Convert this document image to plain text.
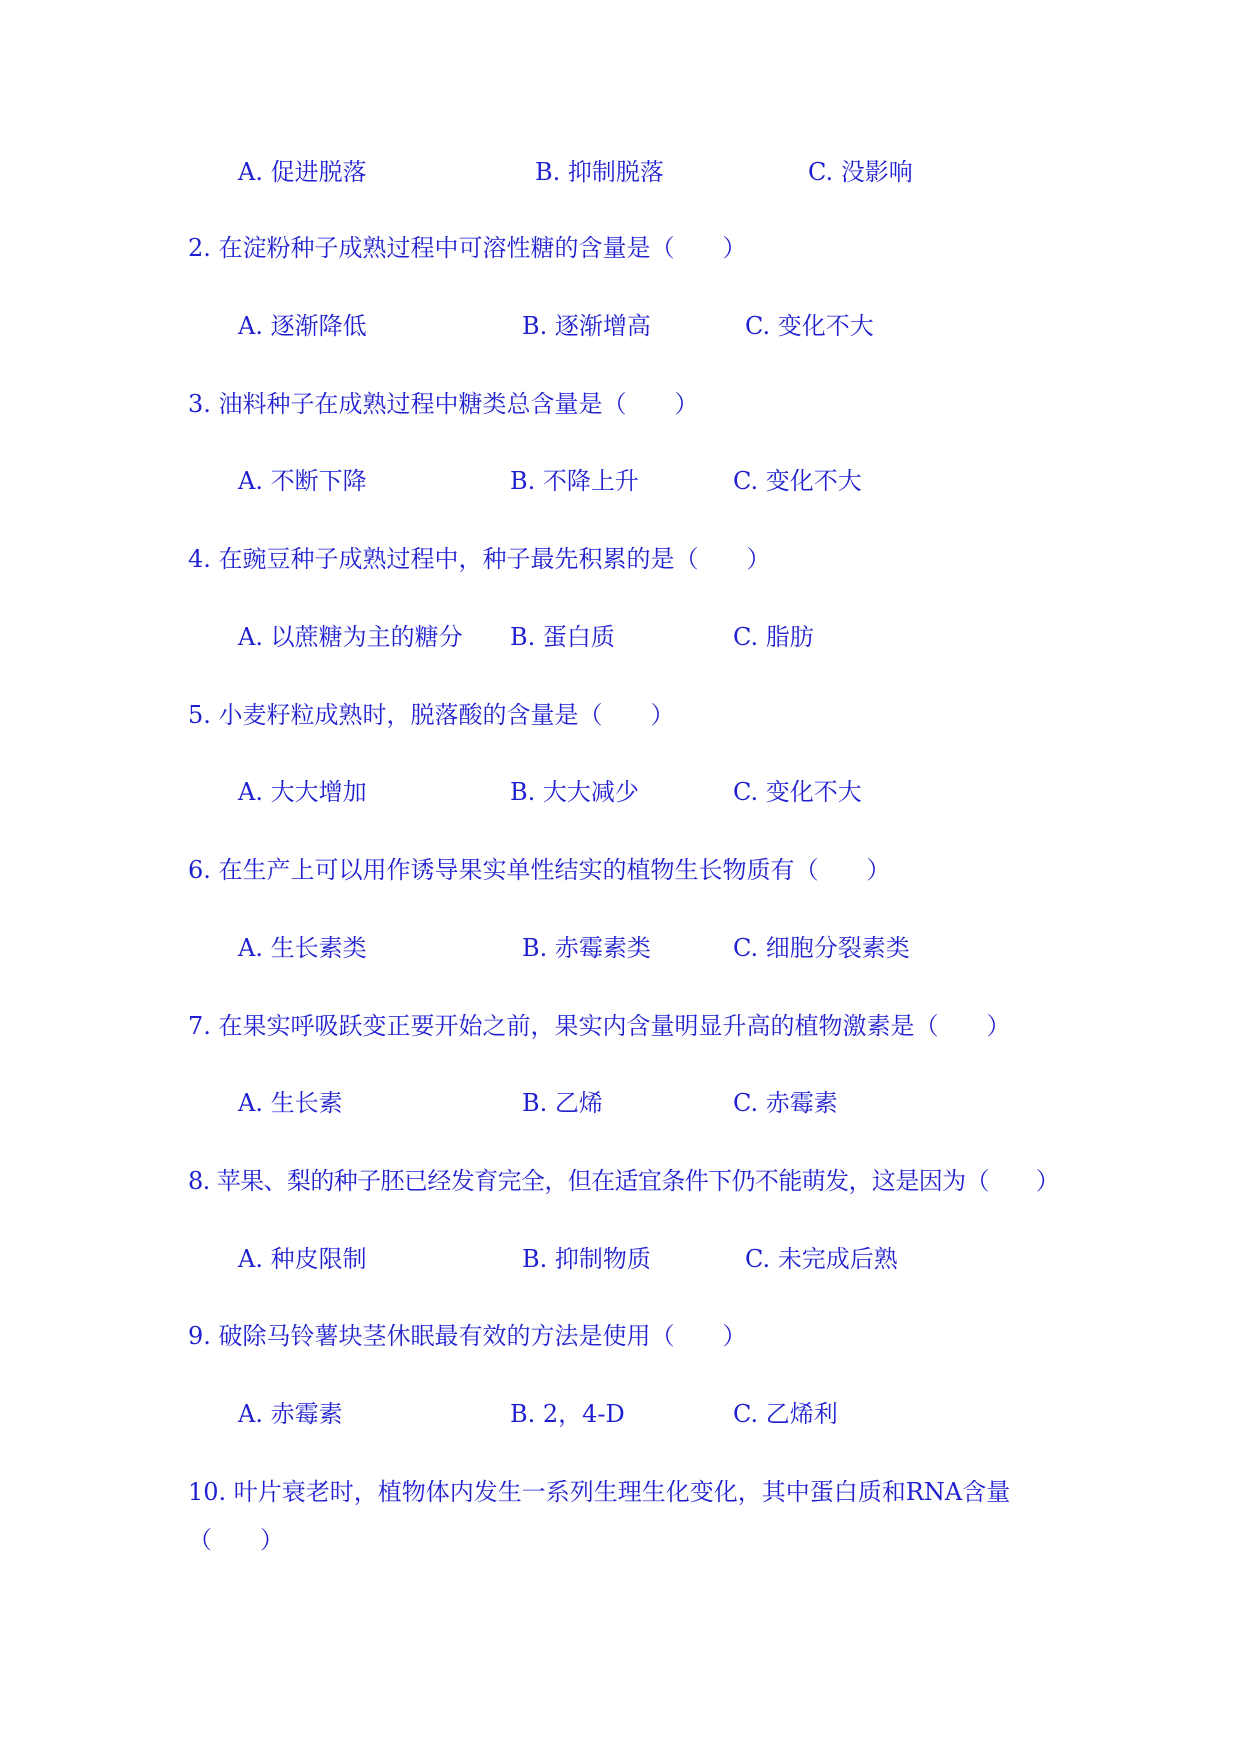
A. 促进脱落	B. 抑制脱落	C. 没影响
2. 在淀粉种子成熟过程中可溶性糖的含量是（　　）
A. 逐渐降低	B. 逐渐增高	C. 变化不大
3. 油料种子在成熟过程中糖类总含量是（　　）
A. 不断下降	B. 不降上升	C. 变化不大
4. 在豌豆种子成熟过程中，种子最先积累的是（　　）
A. 以蔗糖为主的糖分 B. 蛋白质	C. 脂肪
5. 小麦籽粒成熟时，脱落酸的含量是（　　）
A. 大大增加	B. 大大减少	C. 变化不大
6. 在生产上可以用作诱导果实单性结实的植物生长物质有（　　）
A. 生长素类	B. 赤霉素类	C. 细胞分裂素类
7. 在果实呼吸跃变正要开始之前，果实内含量明显升高的植物激素是（　　）
A. 生长素	B. 乙烯	C. 赤霉素
8. 苹果、梨的种子胚已经发育完全，但在适宜条件下仍不能萌发，这是因为（　　）
A. 种皮限制	B. 抑制物质	C. 未完成后熟
9. 破除马铃薯块茎休眠最有效的方法是使用（　　）
A. 赤霉素	B. 2，4-D	C. 乙烯利
10. 叶片衰老时，植物体内发生一系列生理生化变化，其中蛋白质和RNA含量
（　　）
